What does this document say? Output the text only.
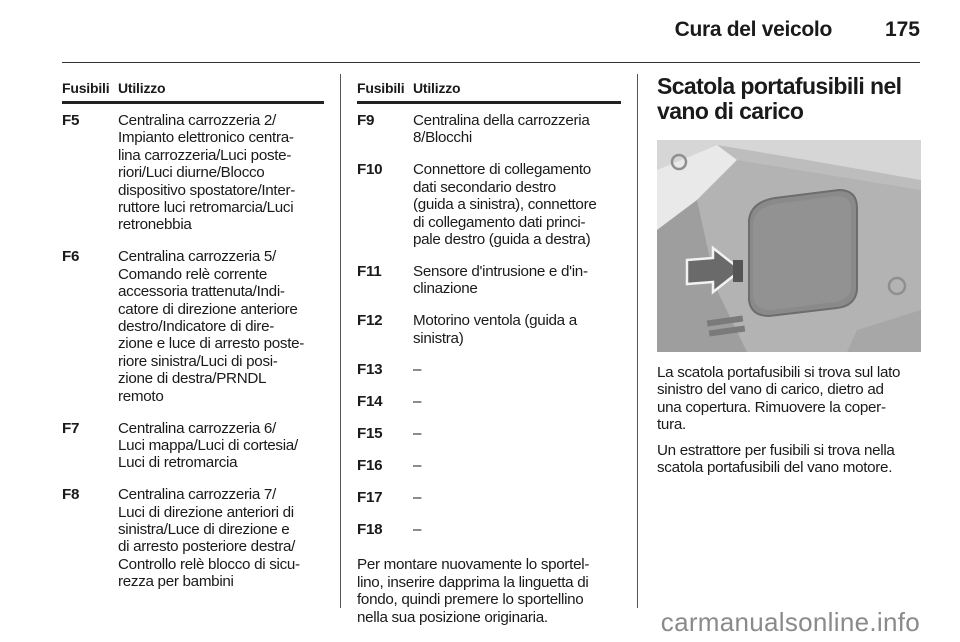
Cura del veicolo	175
Fusibili Utilizzo
F5	Centralina carrozzeria 2/
Impianto elettronico centra-
lina carrozzeria/Luci poste-
riori/Luci diurne/Blocco
dispositivo spostatore/Inter-
ruttore luci retromarcia/Luci
retronebbia
F6	Centralina carrozzeria 5/
Comando relè corrente
accessoria trattenuta/Indi-
catore di direzione anteriore
destro/Indicatore di dire-
zione e luce di arresto poste-
riore sinistra/Luci di posi-
zione di destra/PRNDL
remoto
F7	Centralina carrozzeria 6/
Luci mappa/Luci di cortesia/
Luci di retromarcia
F8	Centralina carrozzeria 7/
Luci di direzione anteriori di
sinistra/Luce di direzione e
di arresto posteriore destra/
Controllo relè blocco di sicu-
rezza per bambini
Fusibili Utilizzo
F9	Centralina della carrozzeria
8/Blocchi
F10	Connettore di collegamento
dati secondario destro
(guida a sinistra), connettore
di collegamento dati princi-
pale destro (guida a destra)
F11	Sensore d'intrusione e d'in-
clinazione
F12	Motorino ventola (guida a
sinistra)
F13	–
F14	–
F15	–
F16	–
F17	–
F18	–
Per montare nuovamente lo sportel-
lino, inserire dapprima la linguetta di
fondo, quindi premere lo sportellino
nella sua posizione originaria.
Scatola portafusibili nel
vano di carico
La scatola portafusibili si trova sul lato
sinistro del vano di carico, dietro ad
una copertura. Rimuovere la coper-
tura.
Un estrattore per fusibili si trova nella
scatola portafusibili del vano motore.
carmanualsonline.info
